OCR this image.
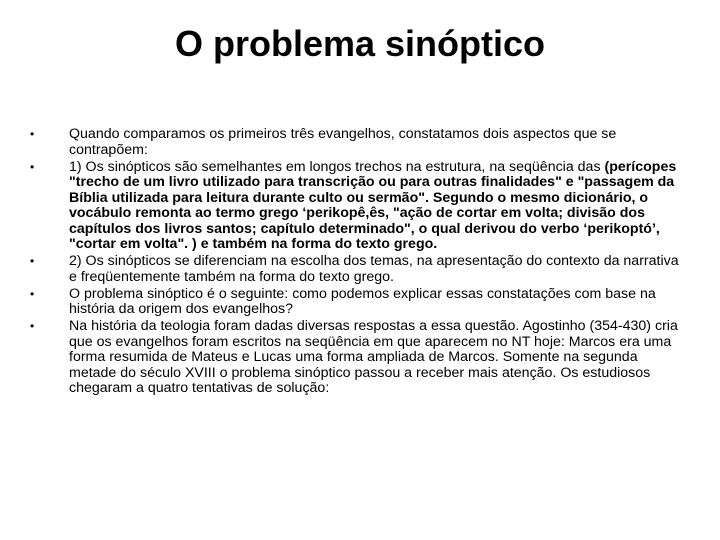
O problema sinóptico
•	Quando comparamos os primeiros três evangelhos, constatamos dois aspectos que se contrapõem:
•	1) Os sinópticos são semelhantes em longos trechos na estrutura, na seqüência das (perícopes "trecho de um livro utilizado para transcrição ou para outras finalidades" e "passagem da Bíblia utilizada para leitura durante culto ou sermão". Segundo o mesmo dicionário, o vocábulo remonta ao termo grego ‘perikopê,ês, "ação de cortar em volta; divisão dos capítulos dos livros santos; capítulo determinado", o qual derivou do verbo ‘perikoptó’, "cortar em volta". ) e também na forma do texto grego.
•	2) Os sinópticos se diferenciam na escolha dos temas, na apresentação do contexto da narrativa e freqüentemente também na forma do texto grego.
•	O problema sinóptico é o seguinte: como podemos explicar essas constatações com base na história da origem dos evangelhos?
•	Na história da teologia foram dadas diversas respostas a essa questão. Agostinho (354-430) cria que os evangelhos foram escritos na seqüência em que aparecem no NT hoje: Marcos era uma forma resumida de Mateus e Lucas uma forma ampliada de Marcos. Somente na segunda metade do século XVIII o problema sinóptico passou a receber mais atenção. Os estudiosos chegaram a quatro tentativas de solução:
